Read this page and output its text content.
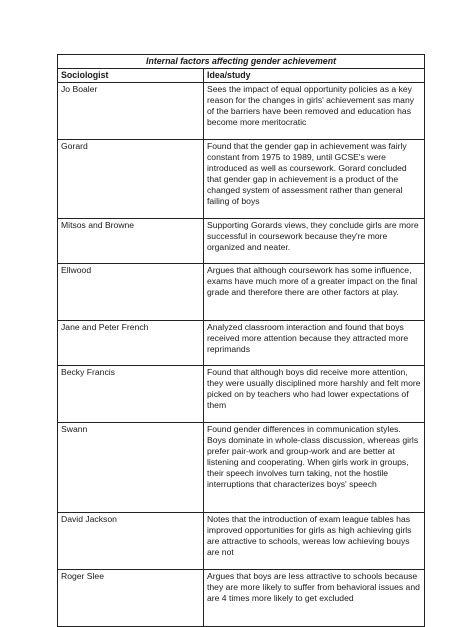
Internal factors affecting gender achievement	
Sociologist	Idea/study
Jo Boaler	Sees the impact of equal opportunity policies as a key reason for the changes in girls' achievement sas many of the barriers have been removed and education has become more meritocratic
Gorard	Found that the gender gap in achievement was fairly constant from 1975 to 1989, until GCSE's were introduced as well as coursework. Gorard concluded that gender gap in achievement is a product of the changed system of assessment rather than general failing of boys
Mitsos and Browne	Supporting Gorards views, they conclude girls are more successful in coursework because they're more organized and neater.
Ellwood	Argues that although coursework has some influence, exams have much more of a greater impact on the final grade and therefore there are other factors at play.
Jane and Peter French	Analyzed classroom interaction and found that boys received more attention because they attracted more reprimands
Becky Francis	Found that although boys did receive more attention, they were usually disciplined more harshly and felt more picked on by teachers who had lower expectations of them
Swann	Found gender differences in communication styles. Boys dominate in whole-class discussion, whereas girls prefer pair-work and group-work and are better at listening and cooperating. When girls work in groups, their speech involves turn taking, not the hostile interruptions that characterizes boys' speech
David Jackson	Notes that the introduction of exam league tables has improved opportunities for girls as high achieving girls are attractive to schools, wereas low achieving bouys are not
Roger Slee	Argues that boys are less attractive to schools because they are more likely to suffer from behavioral issues and are 4 times more likely to get excluded
